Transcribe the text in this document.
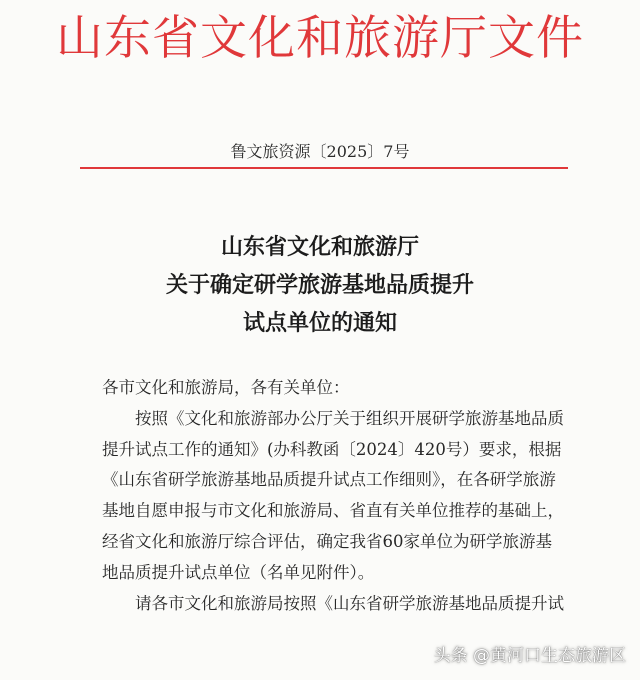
山东省文化和旅游厅文件
鲁文旅资源〔2025〕7号
山东省文化和旅游厅
关于确定研学旅游基地品质提升
试点单位的通知
各市文化和旅游局，各有关单位：
按照《文化和旅游部办公厅关于组织开展研学旅游基地品质
提升试点工作的通知》(办科教函〔2024〕420号）要求，根据
《山东省研学旅游基地品质提升试点工作细则》，在各研学旅游
基地自愿申报与市文化和旅游局、省直有关单位推荐的基础上，
经省文化和旅游厅综合评估，确定我省60家单位为研学旅游基
地品质提升试点单位（名单见附件）。
请各市文化和旅游局按照《山东省研学旅游基地品质提升试
头条 @黄河口生态旅游区
